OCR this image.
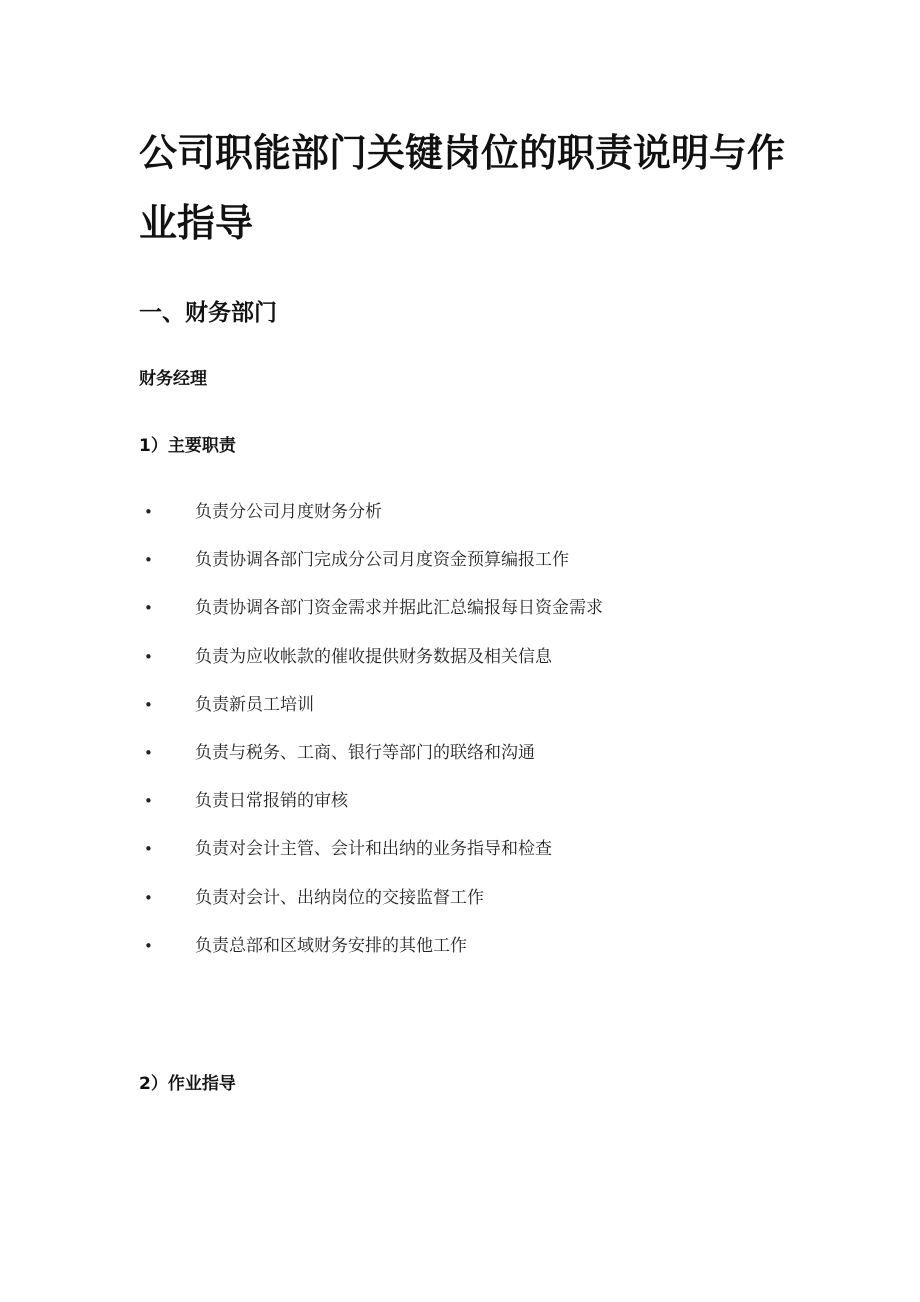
公司职能部门关键岗位的职责说明与作业指导
一、财务部门
财务经理
1）主要职责
• 负责分公司月度财务分析
• 负责协调各部门完成分公司月度资金预算编报工作
• 负责协调各部门资金需求并据此汇总编报每日资金需求
• 负责为应收帐款的催收提供财务数据及相关信息
• 负责新员工培训
• 负责与税务、工商、银行等部门的联络和沟通
• 负责日常报销的审核
• 负责对会计主管、会计和出纳的业务指导和检查
• 负责对会计、出纳岗位的交接监督工作
• 负责总部和区域财务安排的其他工作
2）作业指导
